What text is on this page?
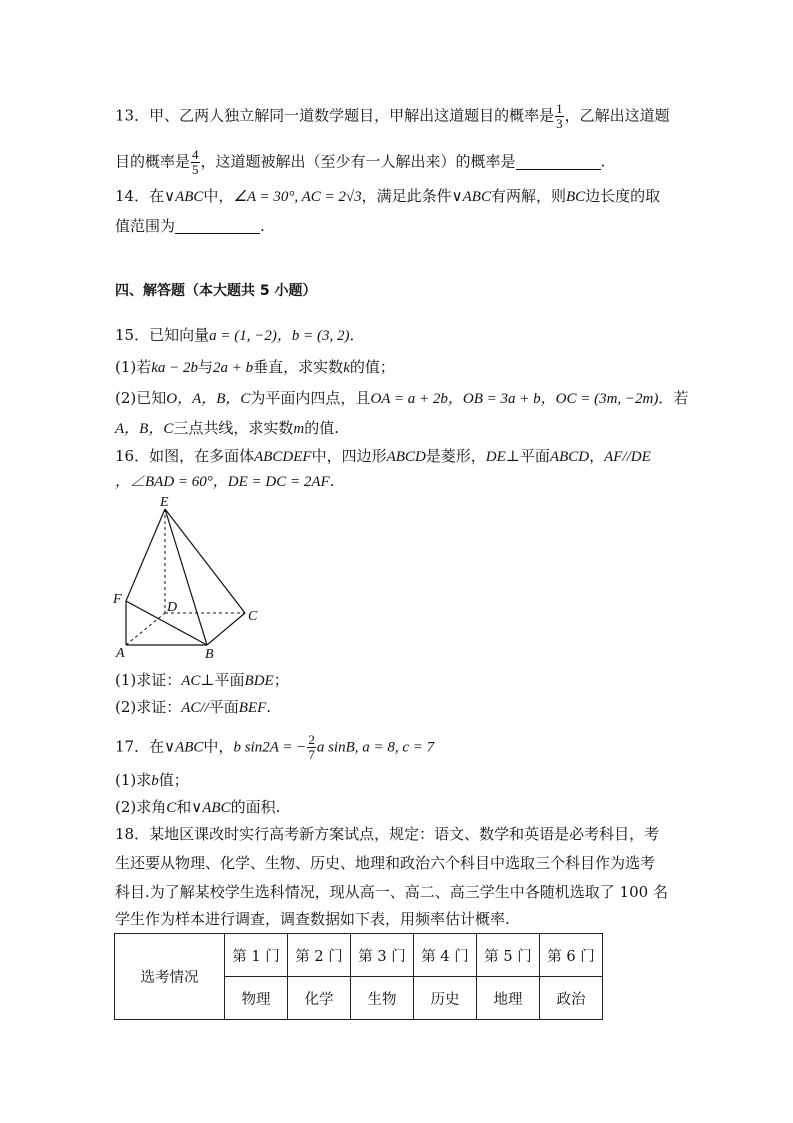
13．甲、乙两人独立解同一道数学题目，甲解出这道题目的概率是 $\frac{1}{3}$ ，乙解出这道题
目的概率是 $\frac{4}{5}$ ，这道题被解出（至少有一人解出来）的概率是	.
14．在∨ABC中，∠A = 30°, AC = 2√3，满足此条件∨ABC有两解，则BC边长度的取
值范围为	.
四、解答题（本大题共 5 小题）
15．已知向量a = (1, −2)，b = (3, 2)．
(1)若ka − 2b与2a + b垂直，求实数k的值；
(2)已知O，A，B，C为平面内四点，且OA = a + 2b，OB = 3a + b，OC = (3m, −2m)．若
A，B，C三点共线，求实数m的值.
16．如图，在多面体ABCDEF中，四边形ABCD是菱形，DE⊥平面ABCD，AF//DE
，∠BAD = 60°，DE = DC = 2AF．
E
F
D
C
A	B
(1)求证：AC⊥平面BDE；
(2)求证：AC//平面BEF.
17．在∨ABC中，b sin2A = − $\frac{2}{7}$ a sinB, a = 8, c = 7
(1)求b值；
(2)求角C和∨ABC的面积.
18．某地区课改时实行高考新方案试点，规定：语文、数学和英语是必考科目，考
生还要从物理、化学、生物、历史、地理和政治六个科目中选取三个科目作为选考
科目.为了解某校学生选科情况，现从高一、高二、高三学生中各随机选取了 100 名
学生作为样本进行调查，调查数据如下表，用频率估计概率.
选考情况	第 1 门	第 2 门	第 3 门	第 4 门	第 5 门	第 6 门
	物理	化学	生物	历史	地理	政治
